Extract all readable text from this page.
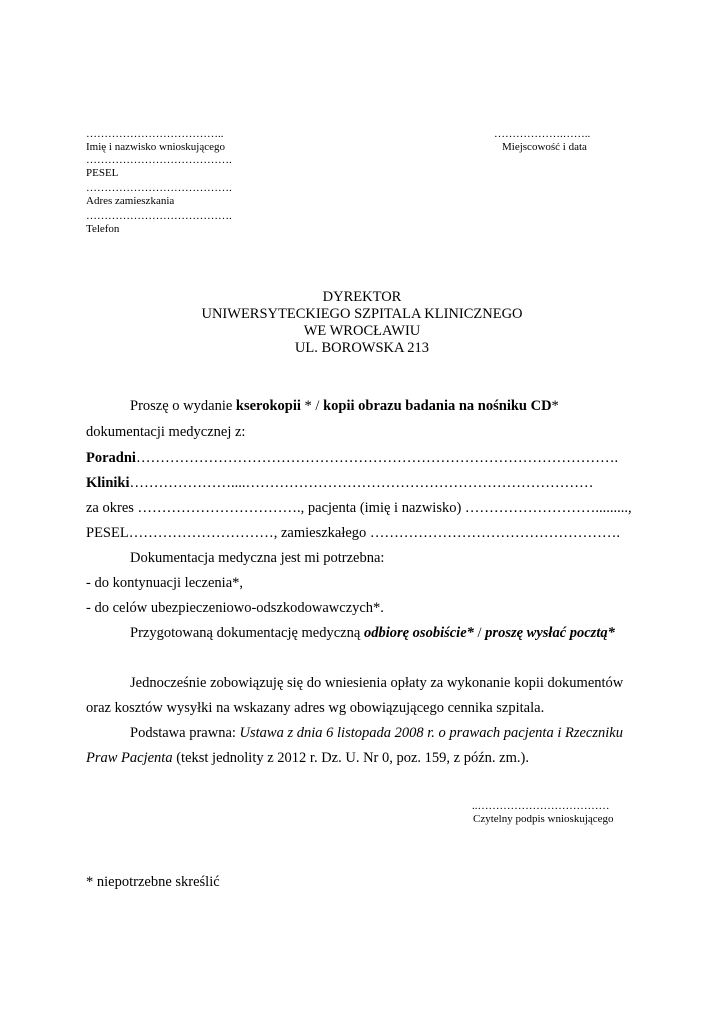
………………………………..
Imię i nazwisko wnioskującego
……………….……..
Miejscowość i data
………………………………….
PESEL
………………………………….
Adres zamieszkania
………………………………….
Telefon
DYREKTOR
UNIWERSYTECKIEGO SZPITALA KLINICZNEGO
WE WROCŁAWIU
UL. BOROWSKA 213
Proszę o wydanie kserokopii * / kopii obrazu badania na nośniku CD*
dokumentacji medycznej z:
Poradni……………………………………………………………………………………….
Kliniki…………………....………………………………………………………………
za okres ……………………………., pacjenta (imię i nazwisko) ……………………….........,
PESEL…………………………, zamieszkałego …………………………………………….
Dokumentacja medyczna jest mi potrzebna:
- do kontynuacji leczenia*,
- do celów ubezpieczeniowo-odszkodowawczych*.
Przygotowaną dokumentację medyczną odbiorę osobiście* / proszę wysłać pocztą*
Jednocześnie zobowiązuję się do wniesienia opłaty za wykonanie kopii dokumentów
oraz kosztów wysyłki na wskazany adres wg obowiązującego cennika szpitala.
Podstawa prawna: Ustawa z dnia 6 listopada 2008 r. o prawach pacjenta i Rzeczniku
Praw Pacjenta (tekst jednolity z 2012 r. Dz. U. Nr 0, poz. 159, z późn. zm.).
..………………………………
Czytelny podpis wnioskującego
* niepotrzebne skreślić
